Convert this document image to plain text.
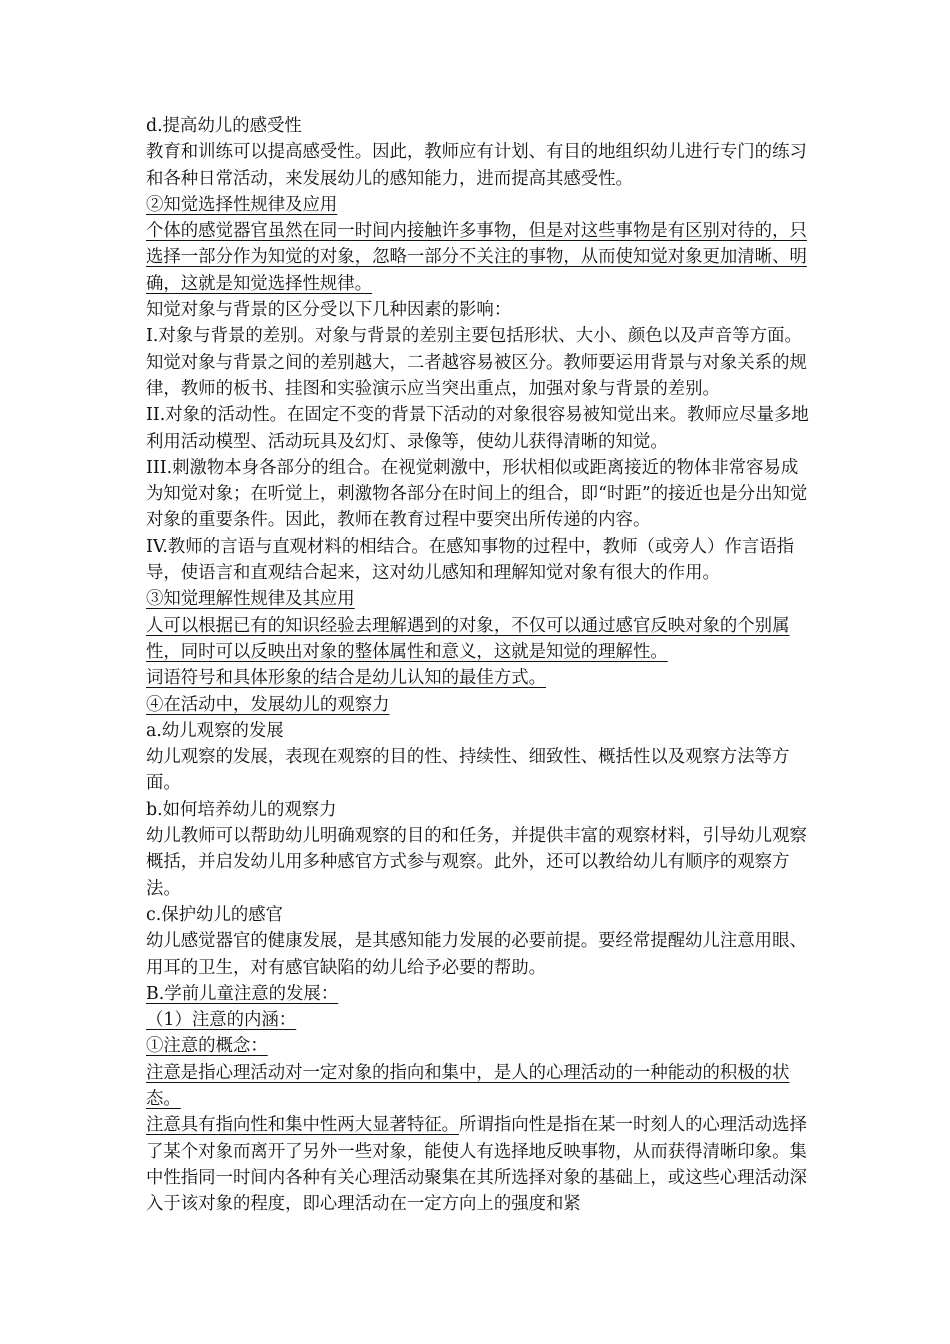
d.提高幼儿的感受性

教育和训练可以提高感受性。因此，教师应有计划、有目的地组织幼儿进行专门的练习和各种日常活动，来发展幼儿的感知能力，进而提高其感受性。

②知觉选择性规律及应用

个体的感觉器官虽然在同一时间内接触许多事物，但是对这些事物是有区别对待的，只选择一部分作为知觉的对象，忽略一部分不关注的事物，从而使知觉对象更加清晰、明确，这就是知觉选择性规律。

知觉对象与背景的区分受以下几种因素的影响：

I.对象与背景的差别。对象与背景的差别主要包括形状、大小、颜色以及声音等方面。知觉对象与背景之间的差别越大，二者越容易被区分。教师要运用背景与对象关系的规律，教师的板书、挂图和实验演示应当突出重点，加强对象与背景的差别。

II.对象的活动性。在固定不变的背景下活动的对象很容易被知觉出来。教师应尽量多地利用活动模型、活动玩具及幻灯、录像等，使幼儿获得清晰的知觉。

III.刺激物本身各部分的组合。在视觉刺激中，形状相似或距离接近的物体非常容易成为知觉对象；在听觉上，刺激物各部分在时间上的组合，即“时距”的接近也是分出知觉对象的重要条件。因此，教师在教育过程中要突出所传递的内容。

IV.教师的言语与直观材料的相结合。在感知事物的过程中，教师（或旁人）作言语指导，使语言和直观结合起来，这对幼儿感知和理解知觉对象有很大的作用。

③知觉理解性规律及其应用

人可以根据已有的知识经验去理解遇到的对象，不仅可以通过感官反映对象的个别属性，同时可以反映出对象的整体属性和意义，这就是知觉的理解性。

词语符号和具体形象的结合是幼儿认知的最佳方式。

④在活动中，发展幼儿的观察力

a.幼儿观察的发展

幼儿观察的发展，表现在观察的目的性、持续性、细致性、概括性以及观察方法等方面。

b.如何培养幼儿的观察力

幼儿教师可以帮助幼儿明确观察的目的和任务，并提供丰富的观察材料，引导幼儿观察概括，并启发幼儿用多种感官方式参与观察。此外，还可以教给幼儿有顺序的观察方法。

c.保护幼儿的感官

幼儿感觉器官的健康发展，是其感知能力发展的必要前提。要经常提醒幼儿注意用眼、用耳的卫生，对有感官缺陷的幼儿给予必要的帮助。

B.学前儿童注意的发展：

（1）注意的内涵：

①注意的概念：

注意是指心理活动对一定对象的指向和集中，是人的心理活动的一种能动的积极的状态。

注意具有指向性和集中性两大显著特征。所谓指向性是指在某一时刻人的心理活动选择了某个对象而离开了另外一些对象，能使人有选择地反映事物，从而获得清晰印象。集中性指同一时间内各种有关心理活动聚集在其所选择对象的基础上，或这些心理活动深入于该对象的程度，即心理活动在一定方向上的强度和紧
